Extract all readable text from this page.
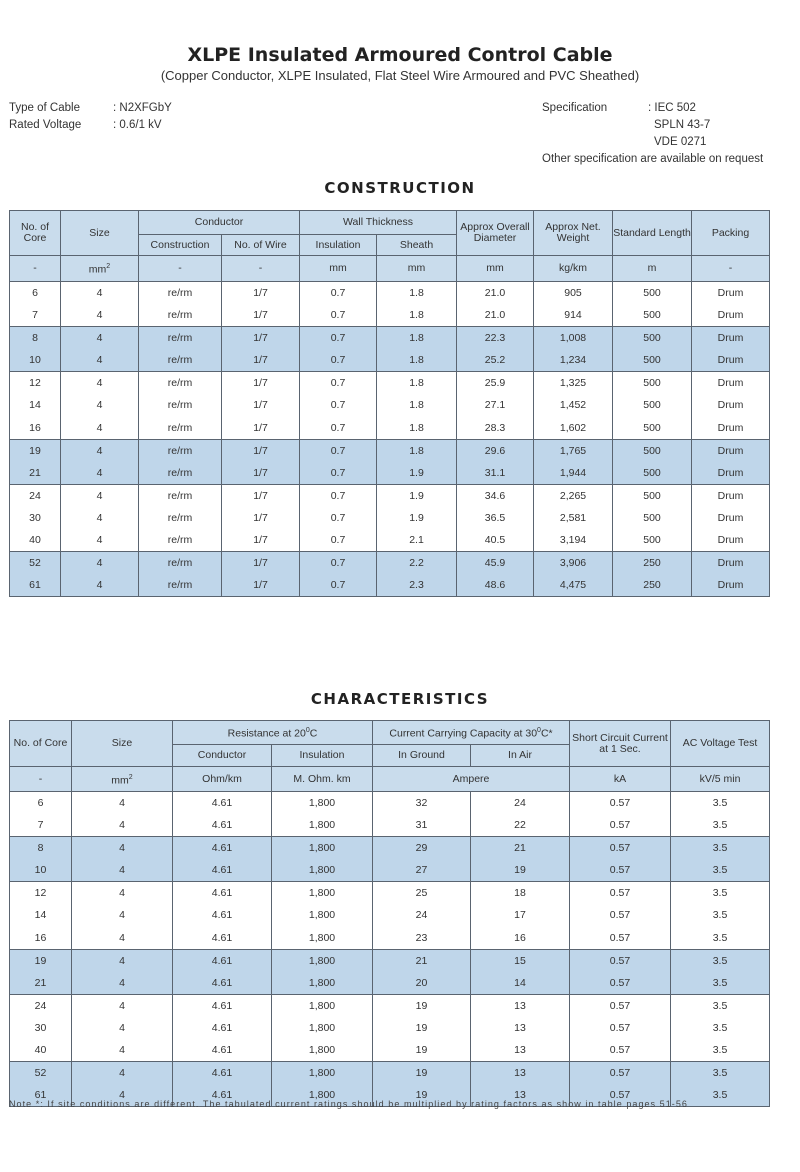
XLPE Insulated Armoured Control Cable
(Copper Conductor, XLPE Insulated, Flat Steel Wire Armoured and PVC Sheathed)
Type of Cable	: N2XFGbY
Rated Voltage	: 0.6/1 kV
Specification	: IEC 502
SPLN 43-7
VDE 0271
Other specification are available on request
CONSTRUCTION
No. of Core	Size	Conductor		Wall Thickness		Approx Overall Diameter	Approx Net. Weight	Standard Length	Packing
		Construction	No. of Wire	Insulation	Sheath				
-	$mm^2$	-	-	mm	mm	mm	kg/km	m	-
6	4	re/rm	1/7	0.7	1.8	21.0	905	500	Drum
7	4	re/rm	1/7	0.7	1.8	21.0	914	500	Drum
8	4	re/rm	1/7	0.7	1.8	22.3	1,008	500	Drum
10	4	re/rm	1/7	0.7	1.8	25.2	1,234	500	Drum
12	4	re/rm	1/7	0.7	1.8	25.9	1,325	500	Drum
14	4	re/rm	1/7	0.7	1.8	27.1	1,452	500	Drum
16	4	re/rm	1/7	0.7	1.8	28.3	1,602	500	Drum
19	4	re/rm	1/7	0.7	1.8	29.6	1,765	500	Drum
21	4	re/rm	1/7	0.7	1.9	31.1	1,944	500	Drum
24	4	re/rm	1/7	0.7	1.9	34.6	2,265	500	Drum
30	4	re/rm	1/7	0.7	1.9	36.5	2,581	500	Drum
40	4	re/rm	1/7	0.7	2.1	40.5	3,194	500	Drum
52	4	re/rm	1/7	0.7	2.2	45.9	3,906	250	Drum
61	4	re/rm	1/7	0.7	2.3	48.6	4,475	250	Drum
CHARACTERISTICS
No. of Core	Size	Resistance at $20^0C$		Current Carrying Capacity at $30^0C*$		Short Circuit Current at 1 Sec.	AC Voltage Test
		Conductor	Insulation	In Ground	In Air		
-	$mm^2$	Ohm/km	M. Ohm. km	Ampere		kA	kV/5 min
6	4	4.61	1,800	32	24	0.57	3.5
7	4	4.61	1,800	31	22	0.57	3.5
8	4	4.61	1,800	29	21	0.57	3.5
10	4	4.61	1,800	27	19	0.57	3.5
12	4	4.61	1,800	25	18	0.57	3.5
14	4	4.61	1,800	24	17	0.57	3.5
16	4	4.61	1,800	23	16	0.57	3.5
19	4	4.61	1,800	21	15	0.57	3.5
21	4	4.61	1,800	20	14	0.57	3.5
24	4	4.61	1,800	19	13	0.57	3.5
30	4	4.61	1,800	19	13	0.57	3.5
40	4	4.61	1,800	19	13	0.57	3.5
52	4	4.61	1,800	19	13	0.57	3.5
61	4	4.61	1,800	19	13	0.57	3.5
Note *: If site conditions are different. The tabulated current ratings should be multiplied by rating factors as show in table pages 51-56
